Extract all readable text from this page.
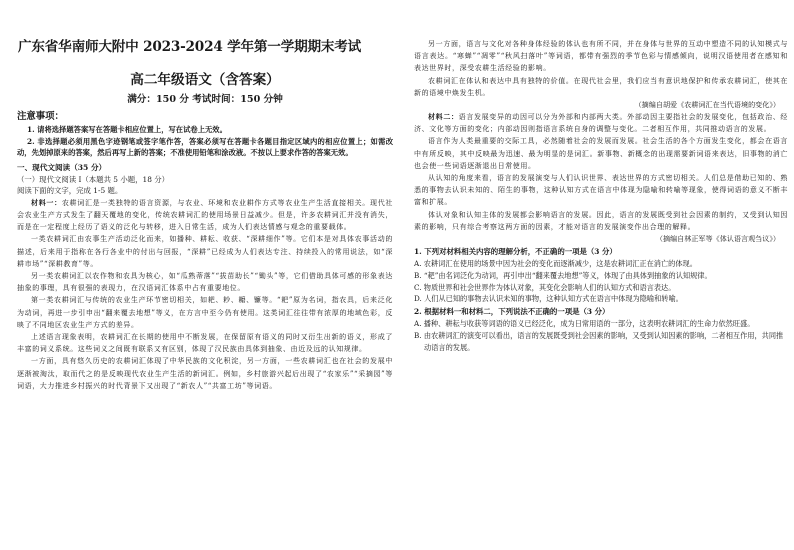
广东省华南师大附中 2023-2024 学年第一学期期末考试
高二年级语文（含答案）
满分：150 分 考试时间：150 分钟
注意事项：

1. 请将选择题答案写在答题卡相应位置上，写在试卷上无效。

2. 非选择题必须用黑色字迹钢笔或签字笔作答，答案必须写在答题卡各题目指定区域内的相应位置上；如需改动，先划掉原来的答案，然后再写上新的答案；不准使用铅笔和涂改液。不按以上要求作答的答案无效。

一、现代文阅读（35 分）
（一）现代文阅读 I（本题共 5 小题，18 分）
阅读下面的文字，完成 1-5 题。

材料一：农耕词汇是一类独特的语言资源，与农业、环境和农业耕作方式等农业生产生活直接相关。现代社会农业生产方式发生了翻天覆地的变化，传统农耕词汇的使用场景日益减少。但是，许多农耕词汇并没有消失，而是在一定程度上经历了语义的泛化与转移，进入日常生活，成为人们表达情感与观念的重要载体。

一类农耕词汇由农事生产活动泛化而来，如播种、耕耘、收获、“深耕细作”等。它们本是对具体农事活动的描述，后来用于指称在各行各业中的付出与回报，“深耕”已经成为人们表达专注、持续投入的常用说法，如“深耕市场”“深耕教育”等。

另一类农耕词汇以农作物和农具为核心，如“瓜熟蒂落”“拔苗助长”“锄头”等，它们借助具体可感的形象表达抽象的事理，具有很强的表现力，在汉语词汇体系中占有重要地位。

第一类农耕词汇与传统的农业生产环节密切相关，如耙、耖、耱、镰等。“耙”原为名词，指农具，后来泛化为动词，再进一步引申出“翻来覆去地想”等义，在方言中至今仍有使用。这类词汇往往带有浓厚的地域色彩，反映了不同地区农业生产方式的差异。

上述语言现象表明，农耕词汇在长期的使用中不断发展，在保留原有语义的同时又衍生出新的语义，形成了丰富的词义系统。这些词义之间既有联系又有区别，体现了汉民族由具体到抽象、由近及远的认知规律。

一方面，具有悠久历史的农耕词汇体现了中华民族的文化积淀，另一方面，一些农耕词汇也在社会的发展中逐渐被淘汰，取而代之的是反映现代农业生产生活的新词汇。例如，乡村旅游兴起后出现了“农家乐”“采摘园”等词语，大力推进乡村振兴的时代背景下又出现了“新农人”“共富工坊”等词语。

另一方面，语言与文化对各种身体经验的体认也有所不同，并在身体与世界的互动中塑造不同的认知模式与语言表达。“寒蝉”“凋零”“秋风扫落叶”等词语，都带有强烈的季节色彩与情感倾向，说明汉语使用者在感知和表达世界时，深受农耕生活经验的影响。

农耕词汇在体认和表达中具有独特的价值。在现代社会里，我们应当有意识地保护和传承农耕词汇，使其在新的语境中焕发生机。

（摘编自胡爱《农耕词汇在当代语境的变化》）

材料二：语言发展变异的动因可以分为外部和内部两大类。外部动因主要指社会的发展变化，包括政治、经济、文化等方面的变化；内部动因则指语言系统自身的调整与变化。二者相互作用，共同推动语言的发展。

语言作为人类最重要的交际工具，必然随着社会的发展而发展。社会生活的各个方面发生变化，都会在语言中有所反映，其中反映最为迅速、最为明显的是词汇。新事物、新概念的出现需要新词语来表达，旧事物的消亡也会使一些词语逐渐退出日常使用。

从认知的角度来看，语言的发展演变与人们认识世界、表达世界的方式密切相关。人们总是借助已知的、熟悉的事物去认识未知的、陌生的事物，这种认知方式在语言中体现为隐喻和转喻等现象，使得词语的意义不断丰富和扩展。

体认对象和认知主体的发展都会影响语言的发展。因此，语言的发展既受到社会因素的制约，又受到认知因素的影响，只有综合考察这两方面的因素，才能对语言的发展演变作出合理的解释。

（摘编自林正军等《体认语言观刍议》）
1. 下列对材料相关内容的理解分析，不正确的一项是（3 分）

A. 农耕词汇在使用的场景中因为社会的变化而逐渐减少，这是农耕词汇正在消亡的体现。

B. “耙”由名词泛化为动词，再引申出“翻来覆去地想”等义，体现了由具体到抽象的认知规律。

C. 物质世界和社会世界作为体认对象，其变化会影响人们的认知方式和语言表达。

D. 人们从已知的事物去认识未知的事物，这种认知方式在语言中体现为隐喻和转喻。

2. 根据材料一和材料二，下列说法不正确的一项是（3 分）

A. 播种、耕耘与收获等词语的语义已经泛化，成为日常用语的一部分，这表明农耕词汇的生命力依然旺盛。

B. 由农耕词汇的演变可以看出，语言的发展既受到社会因素的影响，又受到认知因素的影响，二者相互作用，共同推动语言的发展。
